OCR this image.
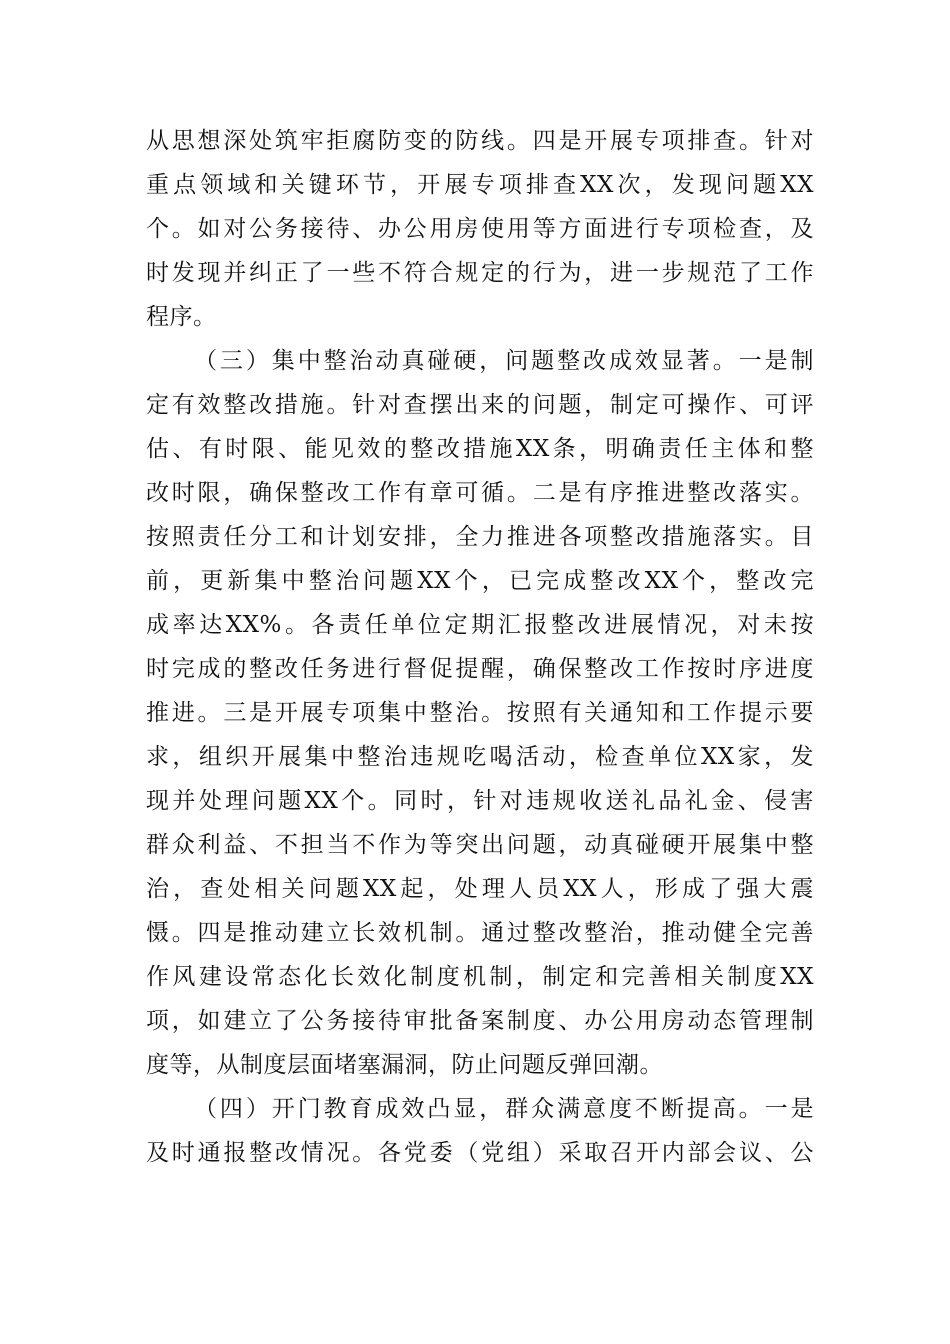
从思想深处筑牢拒腐防变的防线。四是开展专项排查。针对
重点领域和关键环节，开展专项排查XX次，发现问题XX
个。如对公务接待、办公用房使用等方面进行专项检查，及
时发现并纠正了一些不符合规定的行为，进一步规范了工作
程序。
（三）集中整治动真碰硬，问题整改成效显著。一是制
定有效整改措施。针对查摆出来的问题，制定可操作、可评
估、有时限、能见效的整改措施XX条，明确责任主体和整
改时限，确保整改工作有章可循。二是有序推进整改落实。
按照责任分工和计划安排，全力推进各项整改措施落实。目
前，更新集中整治问题XX个，已完成整改XX个，整改完
成率达XX%。各责任单位定期汇报整改进展情况，对未按
时完成的整改任务进行督促提醒，确保整改工作按时序进度
推进。三是开展专项集中整治。按照有关通知和工作提示要
求，组织开展集中整治违规吃喝活动，检查单位XX家，发
现并处理问题XX个。同时，针对违规收送礼品礼金、侵害
群众利益、不担当不作为等突出问题，动真碰硬开展集中整
治，查处相关问题XX起，处理人员XX人，形成了强大震
慑。四是推动建立长效机制。通过整改整治，推动健全完善
作风建设常态化长效化制度机制，制定和完善相关制度XX
项，如建立了公务接待审批备案制度、办公用房动态管理制
度等，从制度层面堵塞漏洞，防止问题反弹回潮。
（四）开门教育成效凸显，群众满意度不断提高。一是
及时通报整改情况。各党委（党组）采取召开内部会议、公
